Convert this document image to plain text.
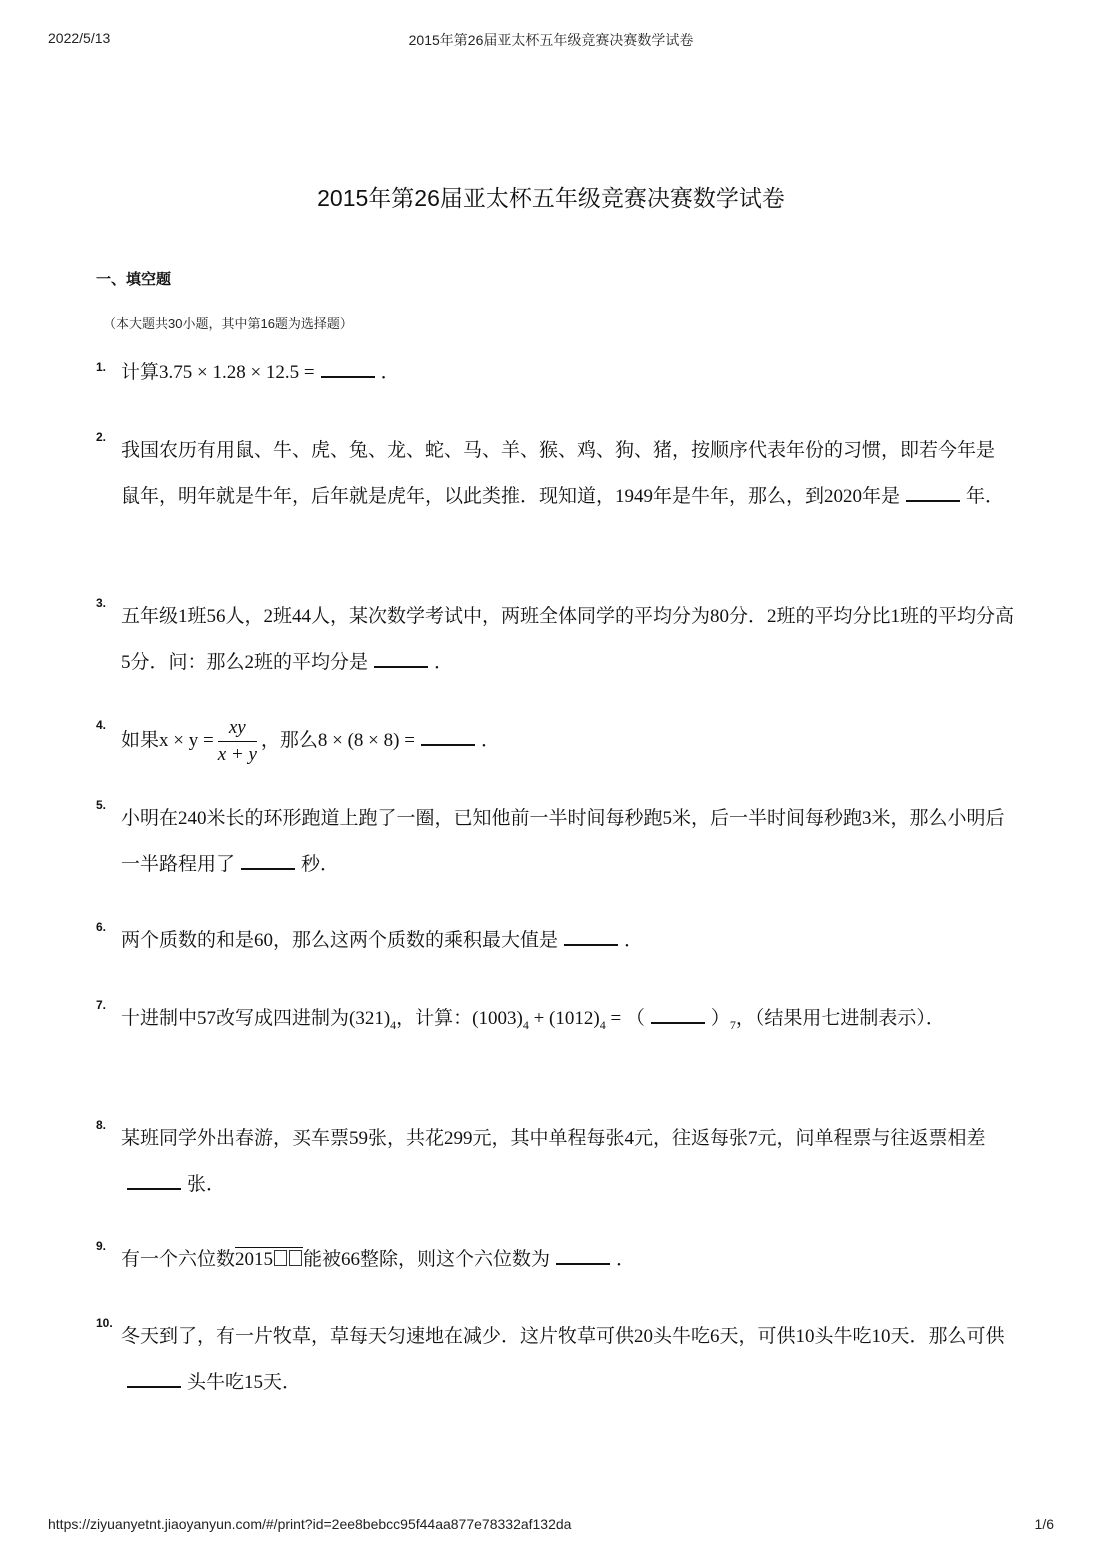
2022/5/13	2015年第26届亚太杯五年级竞赛决赛数学试卷
2015年第26届亚太杯五年级竞赛决赛数学试卷
一、填空题
（本大题共30小题，其中第16题为选择题）
1. 计算3.75 × 1.28 × 12.5 =	．
2.
我国农历有用鼠、牛、虎、兔、龙、蛇、马、羊、猴、鸡、狗、猪，按顺序代表年份的习惯，即若今年是鼠年，明年就是牛年，后年就是虎年，以此类推．现知道，1949年是牛年，那么，到2020年是	年．
3.
五年级1班56人，2班44人，某次数学考试中，两班全体同学的平均分为80分．2班的平均分比1班的平均分高5分．问：那么2班的平均分是	．
4.
如果$x \times y = \frac{xy}{x + y}$ ，那么8 × (8 × 8) =	．
5.
小明在240米长的环形跑道上跑了一圈，已知他前一半时间每秒跑5米，后一半时间每秒跑3米，那么小明后一半路程用了	秒．
6.
两个质数的和是60，那么这两个质数的乘积最大值是	．
7.
十进制中57改写成四进制为$(321)_4$，计算：$(1003)_4 + (1012)_4$ = （	）$_7$，（结果用七进制表示）．
8.
某班同学外出春游，买车票59张，共花299元，其中单程每张4元，往返每张7元，问单程票与往返票相差张．
9.
有一个六位数2015 能被66整除，则这个六位数为	．
10.
冬天到了，有一片牧草，草每天匀速地在减少．这片牧草可供20头牛吃6天，可供10头牛吃10天．那么可供头牛吃15天．
https://ziyuanyetnt.jiaoyanyun.com/#/print?id=2ee8bebcc95f44aa877e78332af132da	1/6
